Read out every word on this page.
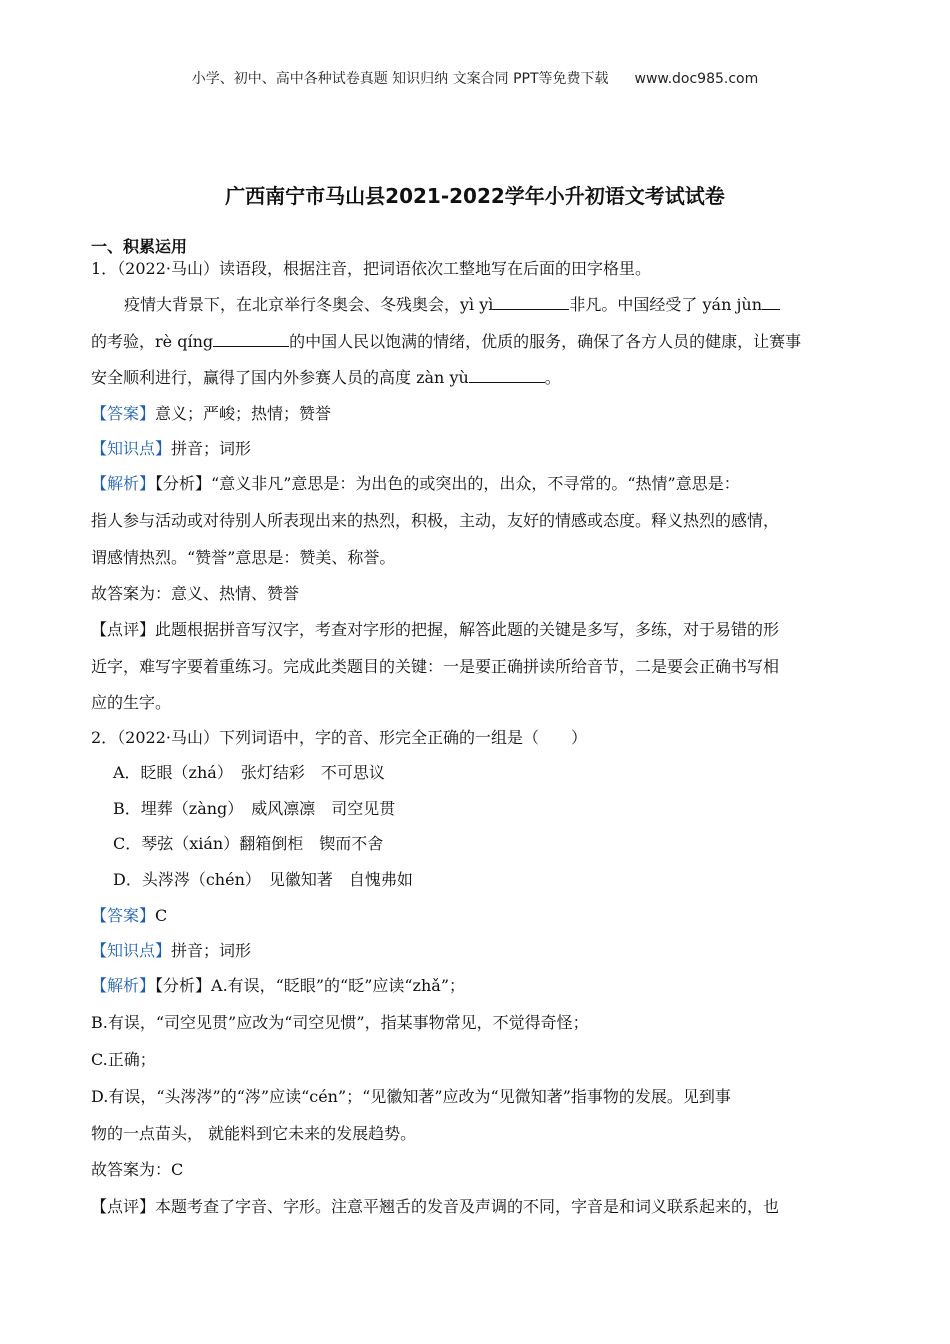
小学、初中、高中各种试卷真题 知识归纳 文案合同 PPT等免费下载 www.doc985.com
广西南宁市马山县2021-2022学年小升初语文考试试卷
一、积累运用
1．（2022·马山）读语段，根据注音，把词语依次工整地写在后面的田字格里。
疫情大背景下，在北京举行冬奥会、冬残奥会，yì yì	非凡。中国经受了 yán jùn
的考验，rè qíng	的中国人民以饱满的情绪，优质的服务，确保了各方人员的健康，让赛事
安全顺利进行，赢得了国内外参赛人员的高度 zàn yù	。
【答案】意义；严峻；热情；赞誉
【知识点】拼音；词形
【解析】【分析】“意义非凡”意思是：为出色的或突出的，出众，不寻常的。“热情”意思是：
指人参与活动或对待别人所表现出来的热烈，积极，主动，友好的情感或态度。释义热烈的感情，
谓感情热烈。“赞誉”意思是：赞美、称誉。
故答案为：意义、热情、赞誉
【点评】此题根据拼音写汉字，考查对字形的把握，解答此题的关键是多写，多练，对于易错的形
近字，难写字要着重练习。完成此类题目的关键：一是要正确拼读所给音节，二是要会正确书写相
应的生字。
2．（2022·马山）下列词语中，字的音、形完全正确的一组是（　　）
A．眨眼（zhá）　张灯结彩　不可思议
B．埋葬（zàng）　威风凛凛　司空见贯
C．琴弦（xián）翻箱倒柜　锲而不舍
D．头涔涔（chén）　见徽知著　自愧弗如
【答案】C
【知识点】拼音；词形
【解析】【分析】A.有误，“眨眼”的“眨”应读“zhǎ”；
B.有误，“司空见贯”应改为“司空见惯”，指某事物常见，不觉得奇怪；
C.正确；
D.有误，“头涔涔”的“涔”应读“cén”；“见徽知著”应改为“见微知著”指事物的发展。见到事
物的一点苗头， 就能料到它未来的发展趋势。
故答案为：C
【点评】本题考查了字音、字形。注意平翘舌的发音及声调的不同，字音是和词义联系起来的，也
